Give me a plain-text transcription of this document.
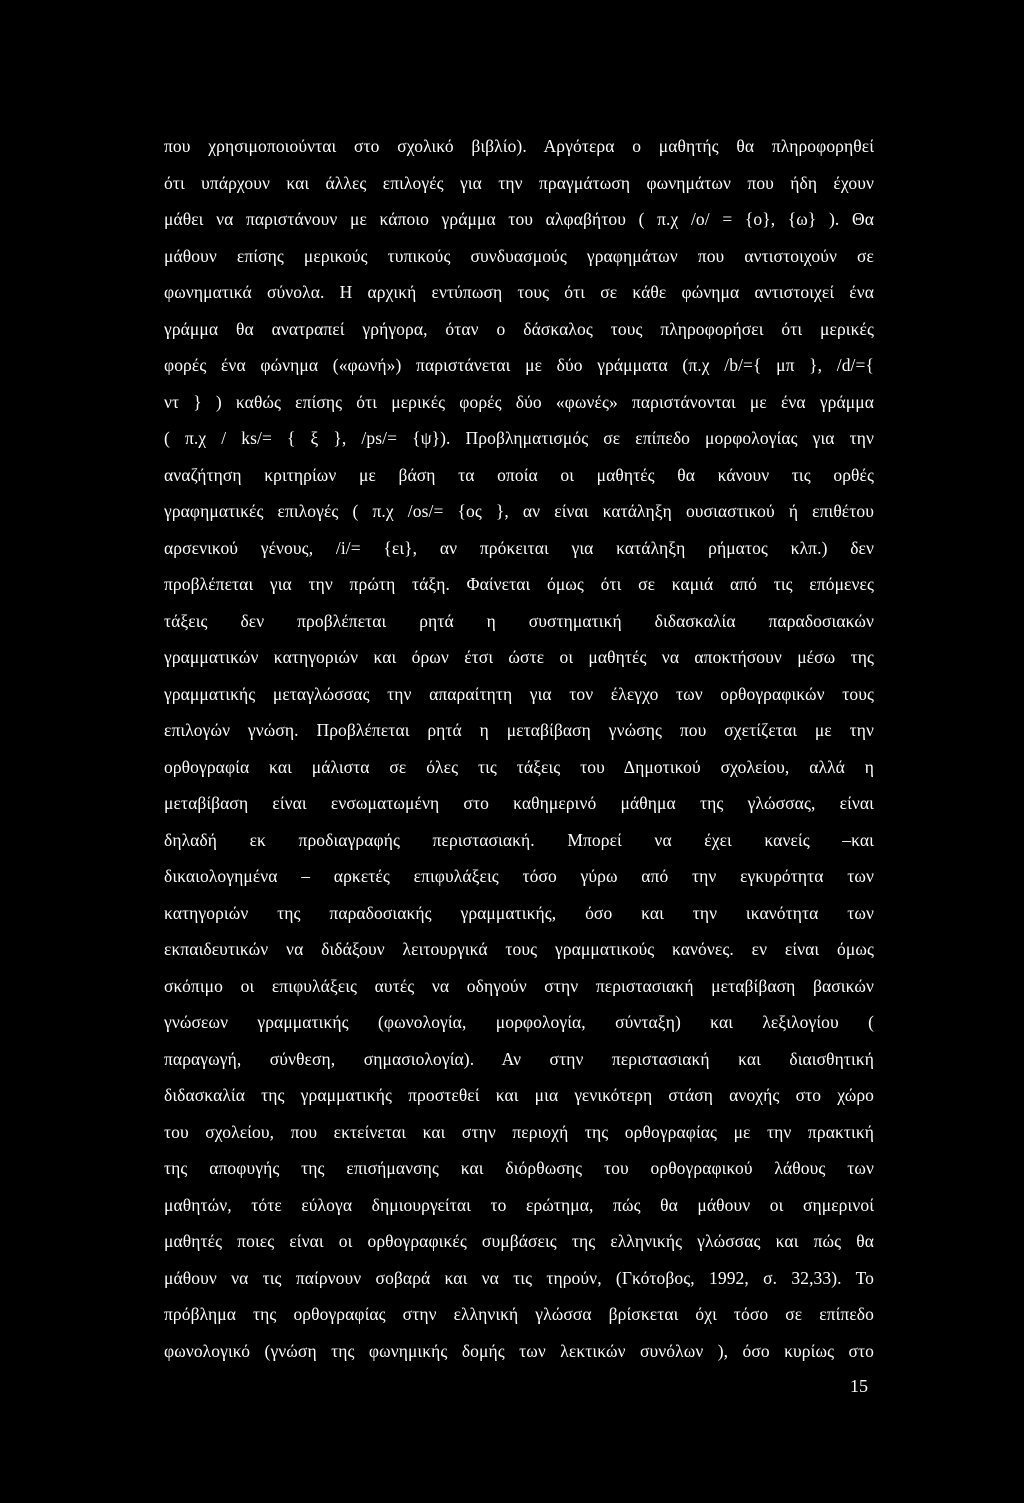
που χρησιμοποιούνται στο σχολικό βιβλίο). Αργότερα ο μαθητής θα πληροφορηθεί
ότι υπάρχουν και άλλες επιλογές για την πραγμάτωση φωνημάτων που ήδη έχουν
μάθει να παριστάνουν με κάποιο γράμμα του αλφαβήτου ( π.χ /ο/ = {ο}, {ω} ). Θα
μάθουν επίσης μερικούς τυπικούς συνδυασμούς γραφημάτων που αντιστοιχούν σε
φωνηματικά σύνολα. Η αρχική εντύπωση τους ότι σε κάθε φώνημα αντιστοιχεί ένα
γράμμα θα ανατραπεί γρήγορα, όταν ο δάσκαλος τους πληροφορήσει ότι μερικές
φορές ένα φώνημα («φωνή») παριστάνεται με δύο γράμματα (π.χ /b/={ μπ }, /d/={
ντ } ) καθώς επίσης ότι μερικές φορές δύο «φωνές» παριστάνονται με ένα γράμμα
( π.χ / ks/= { ξ }, /ps/= {ψ}). Προβληματισμός σε επίπεδο μορφολογίας για την
αναζήτηση κριτηρίων με βάση τα οποία οι μαθητές θα κάνουν τις ορθές
γραφηματικές επιλογές ( π.χ /os/= {ος }, αν είναι κατάληξη ουσιαστικού ή επιθέτου
αρσενικού γένους, /i/= {ει}, αν πρόκειται για κατάληξη ρήματος κλπ.) δεν
προβλέπεται για την πρώτη τάξη. Φαίνεται όμως ότι σε καμιά από τις επόμενες
τάξεις δεν προβλέπεται ρητά η συστηματική διδασκαλία παραδοσιακών
γραμματικών κατηγοριών και όρων έτσι ώστε οι μαθητές να αποκτήσουν μέσω της
γραμματικής μεταγλώσσας την απαραίτητη για τον έλεγχο των ορθογραφικών τους
επιλογών γνώση. Προβλέπεται ρητά η μεταβίβαση γνώσης που σχετίζεται με την
ορθογραφία και μάλιστα σε όλες τις τάξεις του Δημοτικού σχολείου, αλλά η
μεταβίβαση είναι ενσωματωμένη στο καθημερινό μάθημα της γλώσσας, είναι
δηλαδή εκ προδιαγραφής περιστασιακή. Μπορεί να έχει κανείς –και
δικαιολογημένα – αρκετές επιφυλάξεις τόσο γύρω από την εγκυρότητα των
κατηγοριών της παραδοσιακής γραμματικής, όσο και την ικανότητα των
εκπαιδευτικών να διδάξουν λειτουργικά τους γραμματικούς κανόνες. εν είναι όμως
σκόπιμο οι επιφυλάξεις αυτές να οδηγούν στην περιστασιακή μεταβίβαση βασικών
γνώσεων γραμματικής (φωνολογία, μορφολογία, σύνταξη) και λεξιλογίου (
παραγωγή, σύνθεση, σημασιολογία). Αν στην περιστασιακή και διαισθητική
διδασκαλία της γραμματικής προστεθεί και μια γενικότερη στάση ανοχής στο χώρο
του σχολείου, που εκτείνεται και στην περιοχή της ορθογραφίας με την πρακτική
της αποφυγής της επισήμανσης και διόρθωσης του ορθογραφικού λάθους των
μαθητών, τότε εύλογα δημιουργείται το ερώτημα, πώς θα μάθουν οι σημερινοί
μαθητές ποιες είναι οι ορθογραφικές συμβάσεις της ελληνικής γλώσσας και πώς θα
μάθουν να τις παίρνουν σοβαρά και να τις τηρούν, (Γκότοβος, 1992, σ. 32,33). Το
πρόβλημα της ορθογραφίας στην ελληνική γλώσσα βρίσκεται όχι τόσο σε επίπεδο
φωνολογικό (γνώση της φωνημικής δομής των λεκτικών συνόλων ), όσο κυρίως στο
15
